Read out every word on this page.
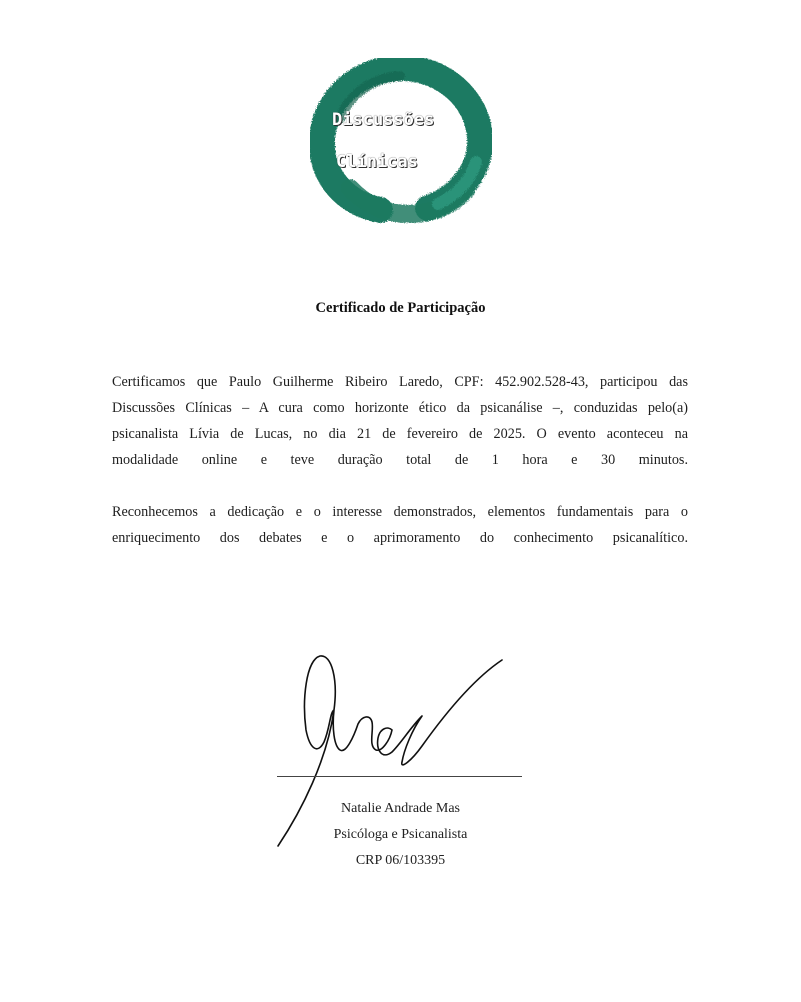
Discussões
Clínicas
Certificado de Participação
Certificamos que Paulo Guilherme Ribeiro Laredo, CPF: 452.902.528-43, participou das
Discussões Clínicas – A cura como horizonte ético da psicanálise –, conduzidas pelo(a)
psicanalista Lívia de Lucas, no dia 21 de fevereiro de 2025. O evento aconteceu na
modalidade online e teve duração total de 1 hora e 30 minutos.
Reconhecemos a dedicação e o interesse demonstrados, elementos fundamentais para o
enriquecimento dos debates e o aprimoramento do conhecimento psicanalítico.
Natalie Andrade Mas
Psicóloga e Psicanalista
CRP 06/103395
